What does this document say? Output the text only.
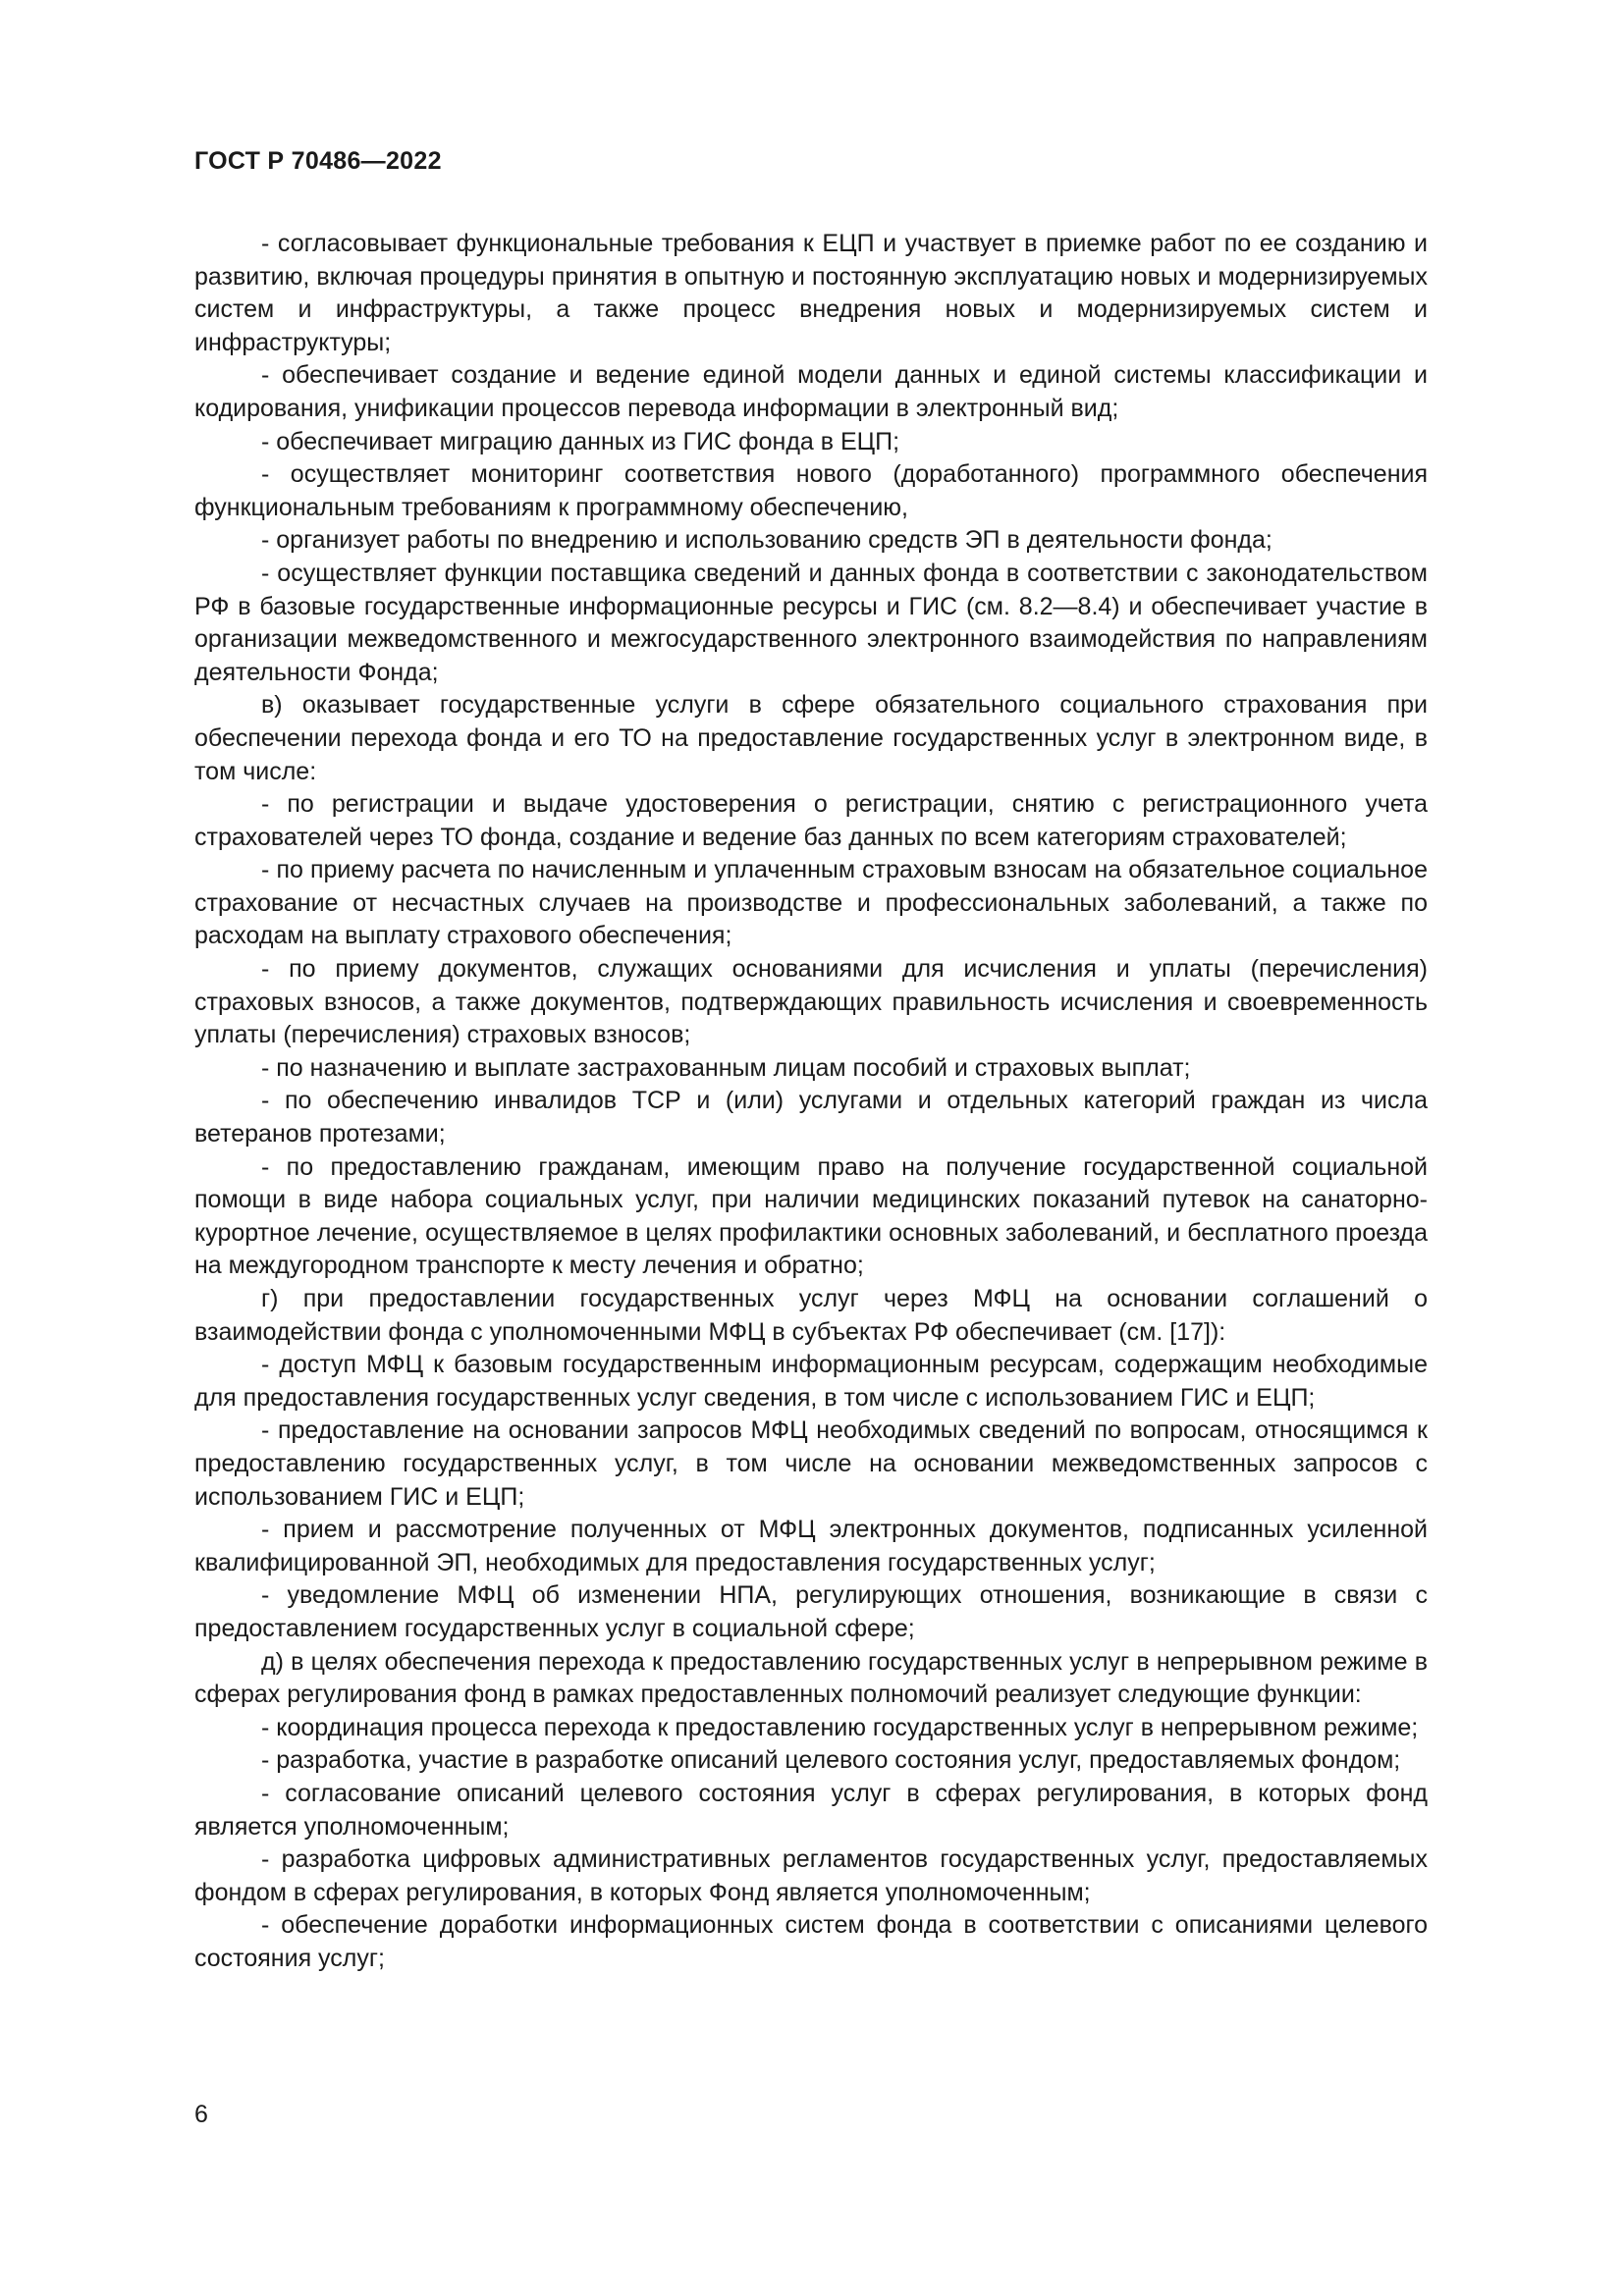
ГОСТ Р 70486—2022

- согласовывает функциональные требования к ЕЦП и участвует в приемке работ по ее созданию и развитию, включая процедуры принятия в опытную и постоянную эксплуатацию новых и модернизируемых систем и инфраструктуры, а также процесс внедрения новых и модернизируемых систем и инфраструктуры;

- обеспечивает создание и ведение единой модели данных и единой системы классификации и кодирования, унификации процессов перевода информации в электронный вид;

- обеспечивает миграцию данных из ГИС фонда в ЕЦП;

- осуществляет мониторинг соответствия нового (доработанного) программного обеспечения функциональным требованиям к программному обеспечению,

- организует работы по внедрению и использованию средств ЭП в деятельности фонда;

- осуществляет функции поставщика сведений и данных фонда в соответствии с законодательством РФ в базовые государственные информационные ресурсы и ГИС (см. 8.2—8.4) и обеспечивает участие в организации межведомственного и межгосударственного электронного взаимодействия по направлениям деятельности Фонда;

в) оказывает государственные услуги в сфере обязательного социального страхования при обеспечении перехода фонда и его ТО на предоставление государственных услуг в электронном виде, в том числе:

- по регистрации и выдаче удостоверения о регистрации, снятию с регистрационного учета страхователей через ТО фонда, создание и ведение баз данных по всем категориям страхователей;

- по приему расчета по начисленным и уплаченным страховым взносам на обязательное социальное страхование от несчастных случаев на производстве и профессиональных заболеваний, а также по расходам на выплату страхового обеспечения;

- по приему документов, служащих основаниями для исчисления и уплаты (перечисления) страховых взносов, а также документов, подтверждающих правильность исчисления и своевременность уплаты (перечисления) страховых взносов;

- по назначению и выплате застрахованным лицам пособий и страховых выплат;

- по обеспечению инвалидов ТСР и (или) услугами и отдельных категорий граждан из числа ветеранов протезами;

- по предоставлению гражданам, имеющим право на получение государственной социальной помощи в виде набора социальных услуг, при наличии медицинских показаний путевок на санаторно-курортное лечение, осуществляемое в целях профилактики основных заболеваний, и бесплатного проезда на междугородном транспорте к месту лечения и обратно;

г) при предоставлении государственных услуг через МФЦ на основании соглашений о взаимодействии фонда с уполномоченными МФЦ в субъектах РФ обеспечивает (см. [17]):

- доступ МФЦ к базовым государственным информационным ресурсам, содержащим необходимые для предоставления государственных услуг сведения, в том числе с использованием ГИС и ЕЦП;

- предоставление на основании запросов МФЦ необходимых сведений по вопросам, относящимся к предоставлению государственных услуг, в том числе на основании межведомственных запросов с использованием ГИС и ЕЦП;

- прием и рассмотрение полученных от МФЦ электронных документов, подписанных усиленной квалифицированной ЭП, необходимых для предоставления государственных услуг;

- уведомление МФЦ об изменении НПА, регулирующих отношения, возникающие в связи с предоставлением государственных услуг в социальной сфере;

д) в целях обеспечения перехода к предоставлению государственных услуг в непрерывном режиме в сферах регулирования фонд в рамках предоставленных полномочий реализует следующие функции:

- координация процесса перехода к предоставлению государственных услуг в непрерывном режиме;

- разработка, участие в разработке описаний целевого состояния услуг, предоставляемых фондом;

- согласование описаний целевого состояния услуг в сферах регулирования, в которых фонд является уполномоченным;

- разработка цифровых административных регламентов государственных услуг, предоставляемых фондом в сферах регулирования, в которых Фонд является уполномоченным;

- обеспечение доработки информационных систем фонда в соответствии с описаниями целевого состояния услуг;

6
